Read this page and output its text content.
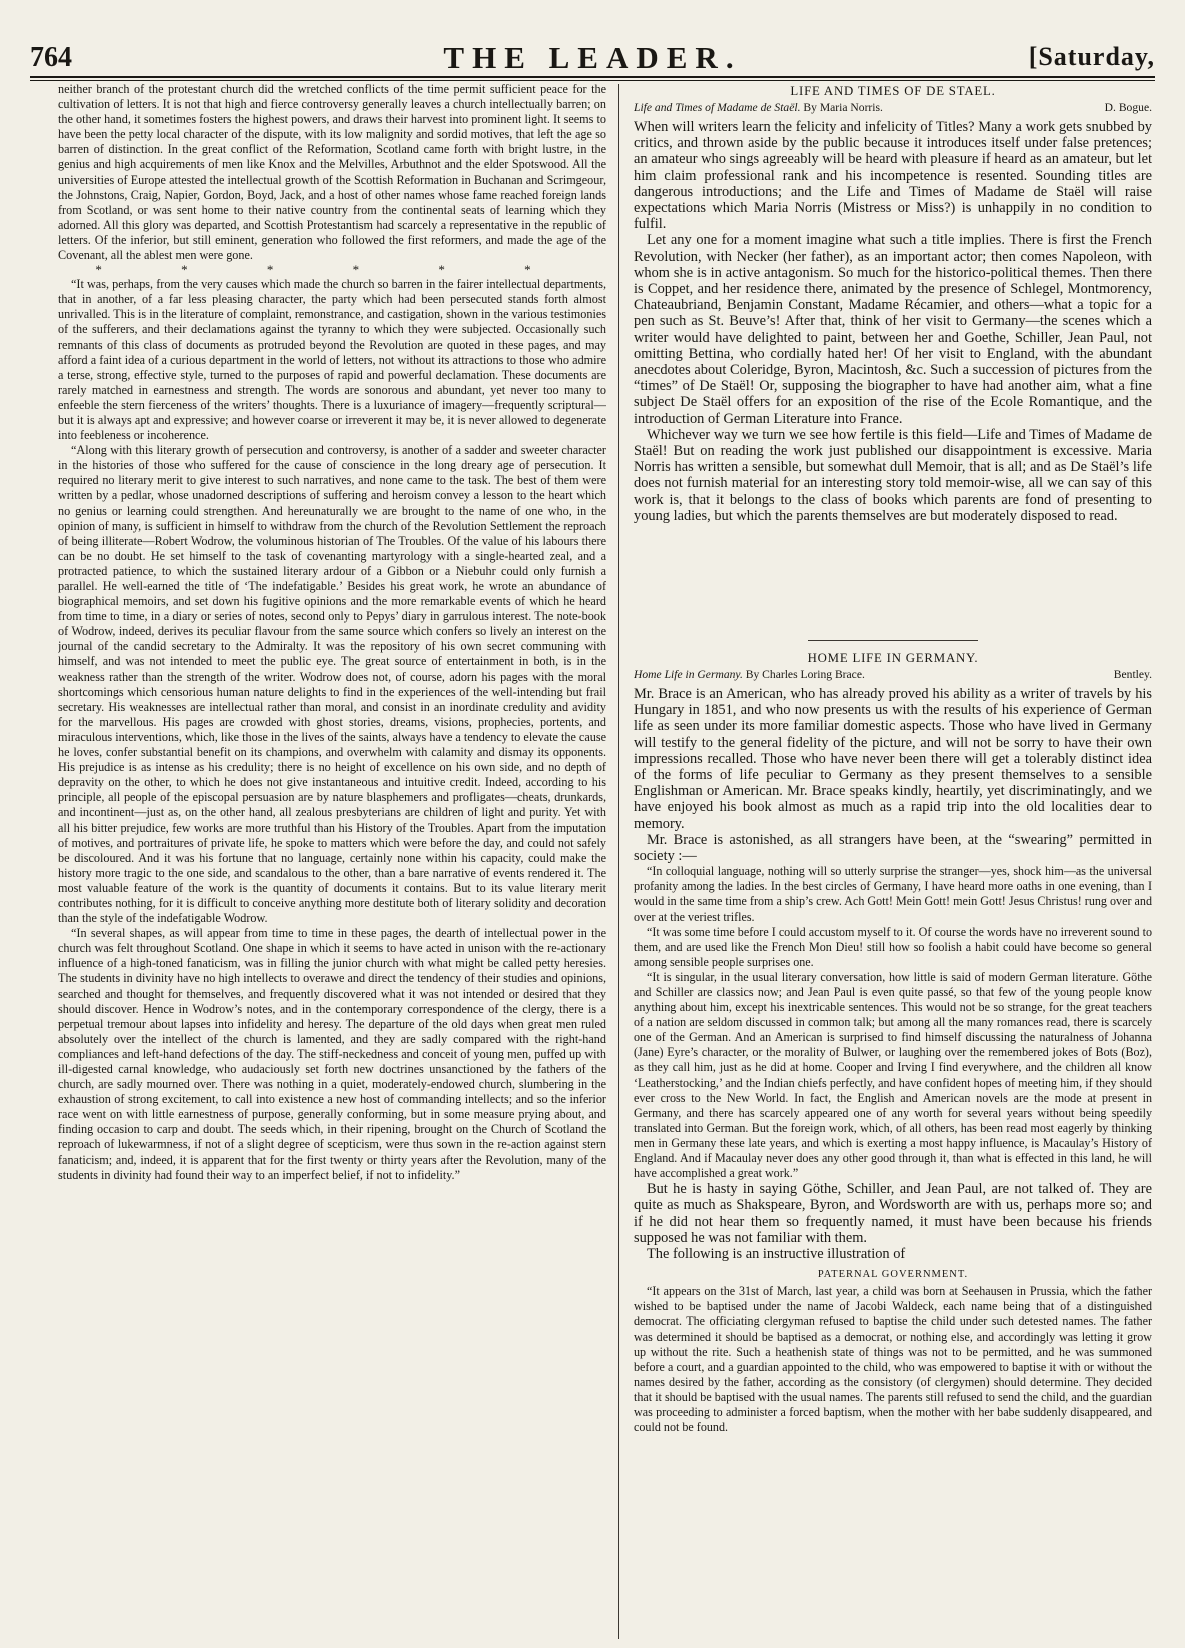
764	THE LEADER.	[Saturday,

neither branch of the protestant church did the wretched conflicts of the time permit sufficient peace for the cultivation of letters. It is not that high and fierce controversy generally leaves a church intellectually barren; on the other hand, it sometimes fosters the highest powers, and draws their harvest into prominent light. It seems to have been the petty local character of the dispute, with its low malignity and sordid motives, that left the age so barren of distinction. In the great conflict of the Reformation, Scotland came forth with bright lustre, in the genius and high acquirements of men like Knox and the Melvilles, Arbuthnot and the elder Spotswood. All the universities of Europe attested the intellectual growth of the Scottish Reformation in Buchanan and Scrimgeour, the Johnstons, Craig, Napier, Gordon, Boyd, Jack, and a host of other names whose fame reached foreign lands from Scotland, or was sent home to their native country from the continental seats of learning which they adorned. All this glory was departed, and Scottish Protestantism had scarcely a representative in the republic of letters. Of the inferior, but still eminent, generation who followed the first reformers, and made the age of the Covenant, all the ablest men were gone.

* * * * * *

“It was, perhaps, from the very causes which made the church so barren in the fairer intellectual departments, that in another, of a far less pleasing character, the party which had been persecuted stands forth almost unrivalled. This is in the literature of complaint, remonstrance, and castigation, shown in the various testimonies of the sufferers, and their declamations against the tyranny to which they were subjected. Occasionally such remnants of this class of documents as protruded beyond the Revolution are quoted in these pages, and may afford a faint idea of a curious department in the world of letters, not without its attractions to those who admire a terse, strong, effective style, turned to the purposes of rapid and powerful declamation. These documents are rarely matched in earnestness and strength. The words are sonorous and abundant, yet never too many to enfeeble the stern fierceness of the writers’ thoughts. There is a luxuriance of imagery—frequently scriptural—but it is always apt and expressive; and however coarse or irreverent it may be, it is never allowed to degenerate into feebleness or incoherence.

“Along with this literary growth of persecution and controversy, is another of a sadder and sweeter character in the histories of those who suffered for the cause of conscience in the long dreary age of persecution. It required no literary merit to give interest to such narratives, and none came to the task. The best of them were written by a pedlar, whose unadorned descriptions of suffering and heroism convey a lesson to the heart which no genius or learning could strengthen. And hereunaturally we are brought to the name of one who, in the opinion of many, is sufficient in himself to withdraw from the church of the Revolution Settlement the reproach of being illiterate—Robert Wodrow, the voluminous historian of The Troubles. Of the value of his labours there can be no doubt. He set himself to the task of covenanting martyrology with a single-hearted zeal, and a protracted patience, to which the sustained literary ardour of a Gibbon or a Niebuhr could only furnish a parallel. He well-earned the title of ‘The indefatigable.’ Besides his great work, he wrote an abundance of biographical memoirs, and set down his fugitive opinions and the more remarkable events of which he heard from time to time, in a diary or series of notes, second only to Pepys’ diary in garrulous interest. The note-book of Wodrow, indeed, derives its peculiar flavour from the same source which confers so lively an interest on the journal of the candid secretary to the Admiralty. It was the repository of his own secret communing with himself, and was not intended to meet the public eye. The great source of entertainment in both, is in the weakness rather than the strength of the writer. Wodrow does not, of course, adorn his pages with the moral shortcomings which censorious human nature delights to find in the experiences of the well-intending but frail secretary. His weaknesses are intellectual rather than moral, and consist in an inordinate credulity and avidity for the marvellous. His pages are crowded with ghost stories, dreams, visions, prophecies, portents, and miraculous interventions, which, like those in the lives of the saints, always have a tendency to elevate the cause he loves, confer substantial benefit on its champions, and overwhelm with calamity and dismay its opponents. His prejudice is as intense as his credulity; there is no height of excellence on his own side, and no depth of depravity on the other, to which he does not give instantaneous and intuitive credit. Indeed, according to his principle, all people of the episcopal persuasion are by nature blasphemers and profligates—cheats, drunkards, and incontinent—just as, on the other hand, all zealous presbyterians are children of light and purity. Yet with all his bitter prejudice, few works are more truthful than his History of the Troubles. Apart from the imputation of motives, and portraitures of private life, he spoke to matters which were before the day, and could not safely be discoloured. And it was his fortune that no language, certainly none within his capacity, could make the history more tragic to the one side, and scandalous to the other, than a bare narrative of events rendered it. The most valuable feature of the work is the quantity of documents it contains. But to its value literary merit contributes nothing, for it is difficult to conceive anything more destitute both of literary solidity and decoration than the style of the indefatigable Wodrow.

“In several shapes, as will appear from time to time in these pages, the dearth of intellectual power in the church was felt throughout Scotland. One shape in which it seems to have acted in unison with the re-actionary influence of a high-toned fanaticism, was in filling the junior church with what might be called petty heresies. The students in divinity have no high intellects to overawe and direct the tendency of their studies and opinions, searched and thought for themselves, and frequently discovered what it was not intended or desired that they should discover. Hence in Wodrow’s notes, and in the contemporary correspondence of the clergy, there is a perpetual tremour about lapses into infidelity and heresy. The departure of the old days when great men ruled absolutely over the intellect of the church is lamented, and they are sadly compared with the right-hand compliances and left-hand defections of the day. The stiff-neckedness and conceit of young men, puffed up with ill-digested carnal knowledge, who audaciously set forth new doctrines unsanctioned by the fathers of the church, are sadly mourned over. There was nothing in a quiet, moderately-endowed church, slumbering in the exhaustion of strong excitement, to call into existence a new host of commanding intellects; and so the inferior race went on with little earnestness of purpose, generally conforming, but in some measure prying about, and finding occasion to carp and doubt. The seeds which, in their ripening, brought on the Church of Scotland the reproach of lukewarmness, if not of a slight degree of scepticism, were thus sown in the re-action against stern fanaticism; and, indeed, it is apparent that for the first twenty or thirty years after the Revolution, many of the students in divinity had found their way to an imperfect belief, if not to infidelity.”

LIFE AND TIMES OF DE STAEL.
Life and Times of Madame de Staël. By Maria Norris.	D. Bogue.

When will writers learn the felicity and infelicity of Titles? Many a work gets snubbed by critics, and thrown aside by the public because it introduces itself under false pretences; an amateur who sings agreeably will be heard with pleasure if heard as an amateur, but let him claim professional rank and his incompetence is resented. Sounding titles are dangerous introductions; and the Life and Times of Madame de Staël will raise expectations which Maria Norris (Mistress or Miss?) is unhappily in no condition to fulfil.

Let any one for a moment imagine what such a title implies. There is first the French Revolution, with Necker (her father), as an important actor; then comes Napoleon, with whom she is in active antagonism. So much for the historico-political themes. Then there is Coppet, and her residence there, animated by the presence of Schlegel, Montmorency, Chateaubriand, Benjamin Constant, Madame Récamier, and others—what a topic for a pen such as St. Beuve’s! After that, think of her visit to Germany—the scenes which a writer would have delighted to paint, between her and Goethe, Schiller, Jean Paul, not omitting Bettina, who cordially hated her! Of her visit to England, with the abundant anecdotes about Coleridge, Byron, Macintosh, &c. Such a succession of pictures from the “times” of De Staël! Or, supposing the biographer to have had another aim, what a fine subject De Staël offers for an exposition of the rise of the Ecole Romantique, and the introduction of German Literature into France.

Whichever way we turn we see how fertile is this field—Life and Times of Madame de Staël! But on reading the work just published our disappointment is excessive. Maria Norris has written a sensible, but somewhat dull Memoir, that is all; and as De Staël’s life does not furnish material for an interesting story told memoir-wise, all we can say of this work is, that it belongs to the class of books which parents are fond of presenting to young ladies, but which the parents themselves are but moderately disposed to read.

HOME LIFE IN GERMANY.
Home Life in Germany. By Charles Loring Brace.	Bentley.

Mr. Brace is an American, who has already proved his ability as a writer of travels by his Hungary in 1851, and who now presents us with the results of his experience of German life as seen under its more familiar domestic aspects. Those who have lived in Germany will testify to the general fidelity of the picture, and will not be sorry to have their own impressions recalled. Those who have never been there will get a tolerably distinct idea of the forms of life peculiar to Germany as they present themselves to a sensible Englishman or American. Mr. Brace speaks kindly, heartily, yet discriminatingly, and we have enjoyed his book almost as much as a rapid trip into the old localities dear to memory.

Mr. Brace is astonished, as all strangers have been, at the “swearing” permitted in society :—

“In colloquial language, nothing will so utterly surprise the stranger—yes, shock him—as the universal profanity among the ladies. In the best circles of Germany, I have heard more oaths in one evening, than I would in the same time from a ship’s crew. Ach Gott! Mein Gott! mein Gott! Jesus Christus! rung over and over at the veriest trifles.

“It was some time before I could accustom myself to it. Of course the words have no irreverent sound to them, and are used like the French Mon Dieu! still how so foolish a habit could have become so general among sensible people surprises one.

“It is singular, in the usual literary conversation, how little is said of modern German literature. Göthe and Schiller are classics now; and Jean Paul is even quite passé, so that few of the young people know anything about him, except his inextricable sentences. This would not be so strange, for the great teachers of a nation are seldom discussed in common talk; but among all the many romances read, there is scarcely one of the German. And an American is surprised to find himself discussing the naturalness of Johanna (Jane) Eyre’s character, or the morality of Bulwer, or laughing over the remembered jokes of Bots (Boz), as they call him, just as he did at home. Cooper and Irving I find everywhere, and the children all know ‘Leatherstocking,’ and the Indian chiefs perfectly, and have confident hopes of meeting him, if they should ever cross to the New World. In fact, the English and American novels are the mode at present in Germany, and there has scarcely appeared one of any worth for several years without being speedily translated into German. But the foreign work, which, of all others, has been read most eagerly by thinking men in Germany these late years, and which is exerting a most happy influence, is Macaulay’s History of England. And if Macaulay never does any other good through it, than what is effected in this land, he will have accomplished a great work.”

But he is hasty in saying Göthe, Schiller, and Jean Paul, are not talked of. They are quite as much as Shakspeare, Byron, and Wordsworth are with us, perhaps more so; and if he did not hear them so frequently named, it must have been because his friends supposed he was not familiar with them.

The following is an instructive illustration of

PATERNAL GOVERNMENT.

“It appears on the 31st of March, last year, a child was born at Seehausen in Prussia, which the father wished to be baptised under the name of Jacobi Waldeck, each name being that of a distinguished democrat. The officiating clergyman refused to baptise the child under such detested names. The father was determined it should be baptised as a democrat, or nothing else, and accordingly was letting it grow up without the rite. Such a heathenish state of things was not to be permitted, and he was summoned before a court, and a guardian appointed to the child, who was empowered to baptise it with or without the names desired by the father, according as the consistory (of clergymen) should determine. They decided that it should be baptised with the usual names. The parents still refused to send the child, and the guardian was proceeding to administer a forced baptism, when the mother with her babe suddenly disappeared, and could not be found.
